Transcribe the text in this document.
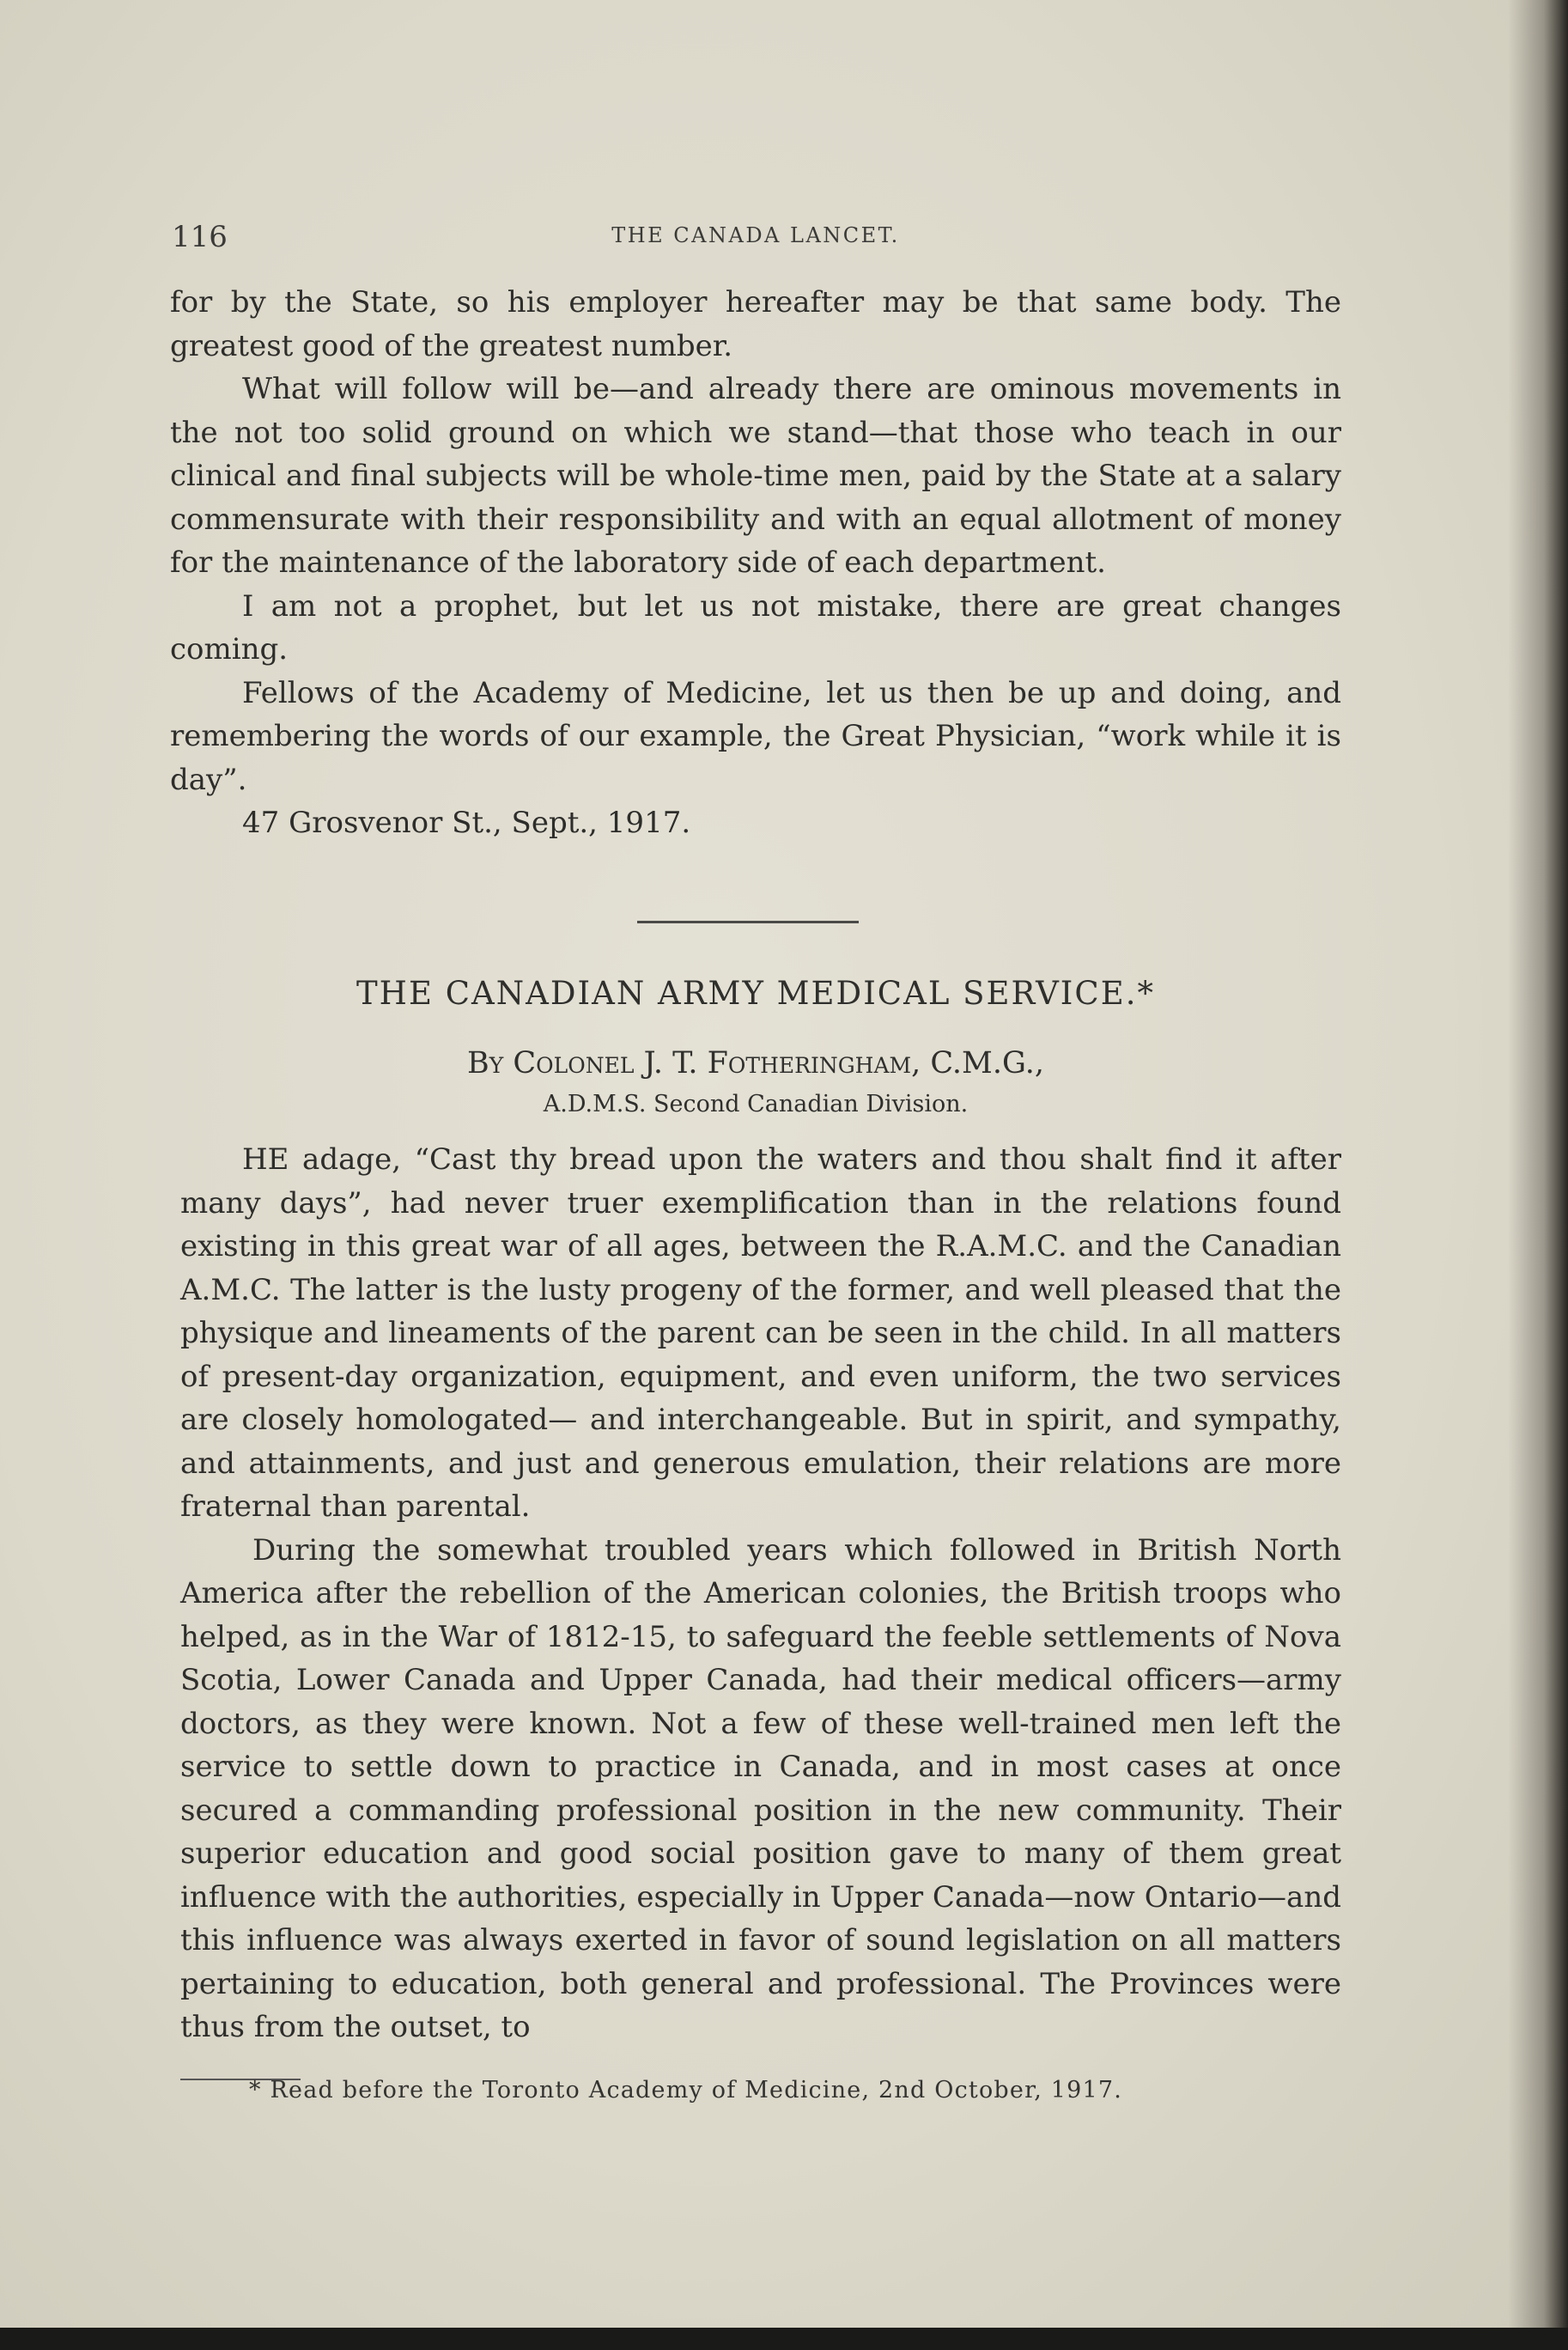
116	THE CANADA LANCET.

for by the State, so his employer hereafter may be that same body. The greatest good of the greatest number.

What will follow will be—and already there are ominous movements in the not too solid ground on which we stand—that those who teach in our clinical and final subjects will be whole-time men, paid by the State at a salary commensurate with their responsibility and with an equal allotment of money for the maintenance of the laboratory side of each department.

I am not a prophet, but let us not mistake, there are great changes coming.

Fellows of the Academy of Medicine, let us then be up and doing, and remembering the words of our example, the Great Physician, “work while it is day”.

47 Grosvenor St., Sept., 1917.

THE CANADIAN ARMY MEDICAL SERVICE.*
By Colonel J. T. Fotheringham, C.M.G.,
A.D.M.S. Second Canadian Division.

HE adage, “Cast thy bread upon the waters and thou shalt find it after many days”, had never truer exemplification than in the relations found existing in this great war of all ages, between the R.A.M.C. and the Canadian A.M.C. The latter is the lusty progeny of the former, and well pleased that the physique and lineaments of the parent can be seen in the child. In all matters of present-day organization, equipment, and even uniform, the two services are closely homologated— and interchangeable. But in spirit, and sympathy, and attainments, and just and generous emulation, their relations are more fraternal than parental.

During the somewhat troubled years which followed in British North America after the rebellion of the American colonies, the British troops who helped, as in the War of 1812-15, to safeguard the feeble settlements of Nova Scotia, Lower Canada and Upper Canada, had their medical officers—army doctors, as they were known. Not a few of these well-trained men left the service to settle down to practice in Canada, and in most cases at once secured a commanding professional position in the new community. Their superior education and good social position gave to many of them great influence with the authorities, especially in Upper Canada—now Ontario—and this influence was always exerted in favor of sound legislation on all matters pertaining to education, both general and professional. The Provinces were thus from the outset, to

* Read before the Toronto Academy of Medicine, 2nd October, 1917.
